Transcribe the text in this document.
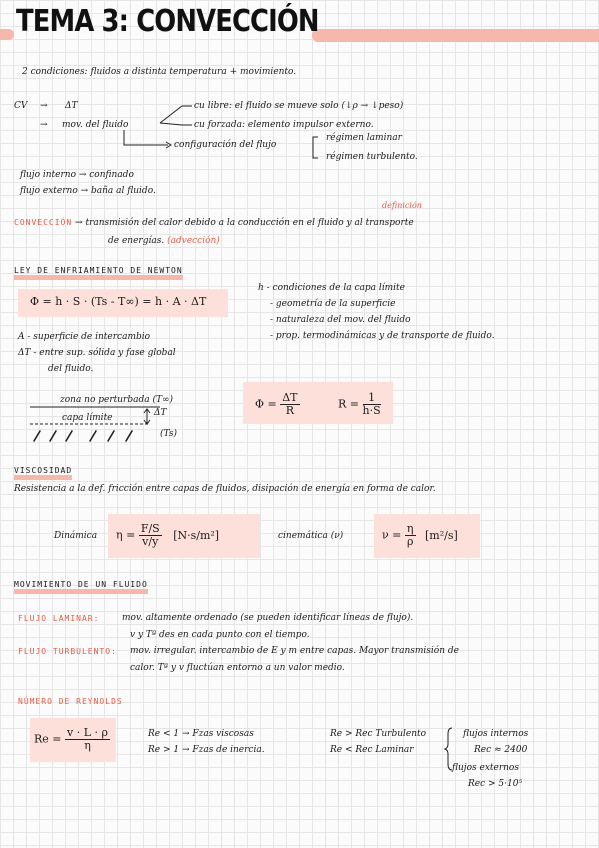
TEMA 3: CONVECCIÓN
2 condiciones: fluidos a distinta temperatura + movimiento.
CV → ΔT
→ mov. del fluido
cu libre: el fluido se mueve solo (↓ρ → ↓peso)
cu forzada: elemento impulsor externo.
configuración del flujo
régimen laminar
régimen turbulento.
flujo interno → confinado
flujo externo → baña al fluido.
definición
CONVECCIÓN → transmisión del calor debido a la conducción en el fluido y al transporte
de energías. (advección)
LEY DE ENFRIAMIENTO DE NEWTON
Φ = h · S · (Ts - T∞) = h · A · ΔT
h - condiciones de la capa límite
- geometría de la superficie
- naturaleza del mov. del fluido
- prop. termodinámicas y de transporte de fluido.
A - superficie de intercambio
ΔT - entre sup. sólida y fase global
del fluido.
zona no perturbada (T∞)
capa límite	ΔT
(Ts)
$\Phi = \frac{\Delta T}{R}$	$R = \frac{1}{h\cdot S}$
VISCOSIDAD
Resistencia a la def. fricción entre capas de fluidos, disipación de energía en forma de calor.
Dinámica $\eta = \frac{F/S}{v/y} [N\cdot s/m^2]$	cinemática (ν)	$\nu = \frac{\eta}{\rho} [m^2/s]$
MOVIMIENTO DE UN FLUIDO
FLUJO LAMINAR:	mov. altamente ordenado (se pueden identificar líneas de flujo).
v y Tª des en cada punto con el tiempo.
FLUJO TURBULENTO: mov. irregular. intercambio de E y m entre capas. Mayor transmisión de
calor. Tª y v fluctúan entorno a un valor medio.
NÚMERO DE REYNOLDS
$Re = \frac{v \cdot L \cdot \rho}{\eta}$	Re < 1 → Fzas viscosas
Re > 1 → Fzas de inercia.
Re > Rec Turbulento
Re < Rec Laminar
flujos internos
Rec ≈ 2400
flujos externos
Rec > 5·10⁵
